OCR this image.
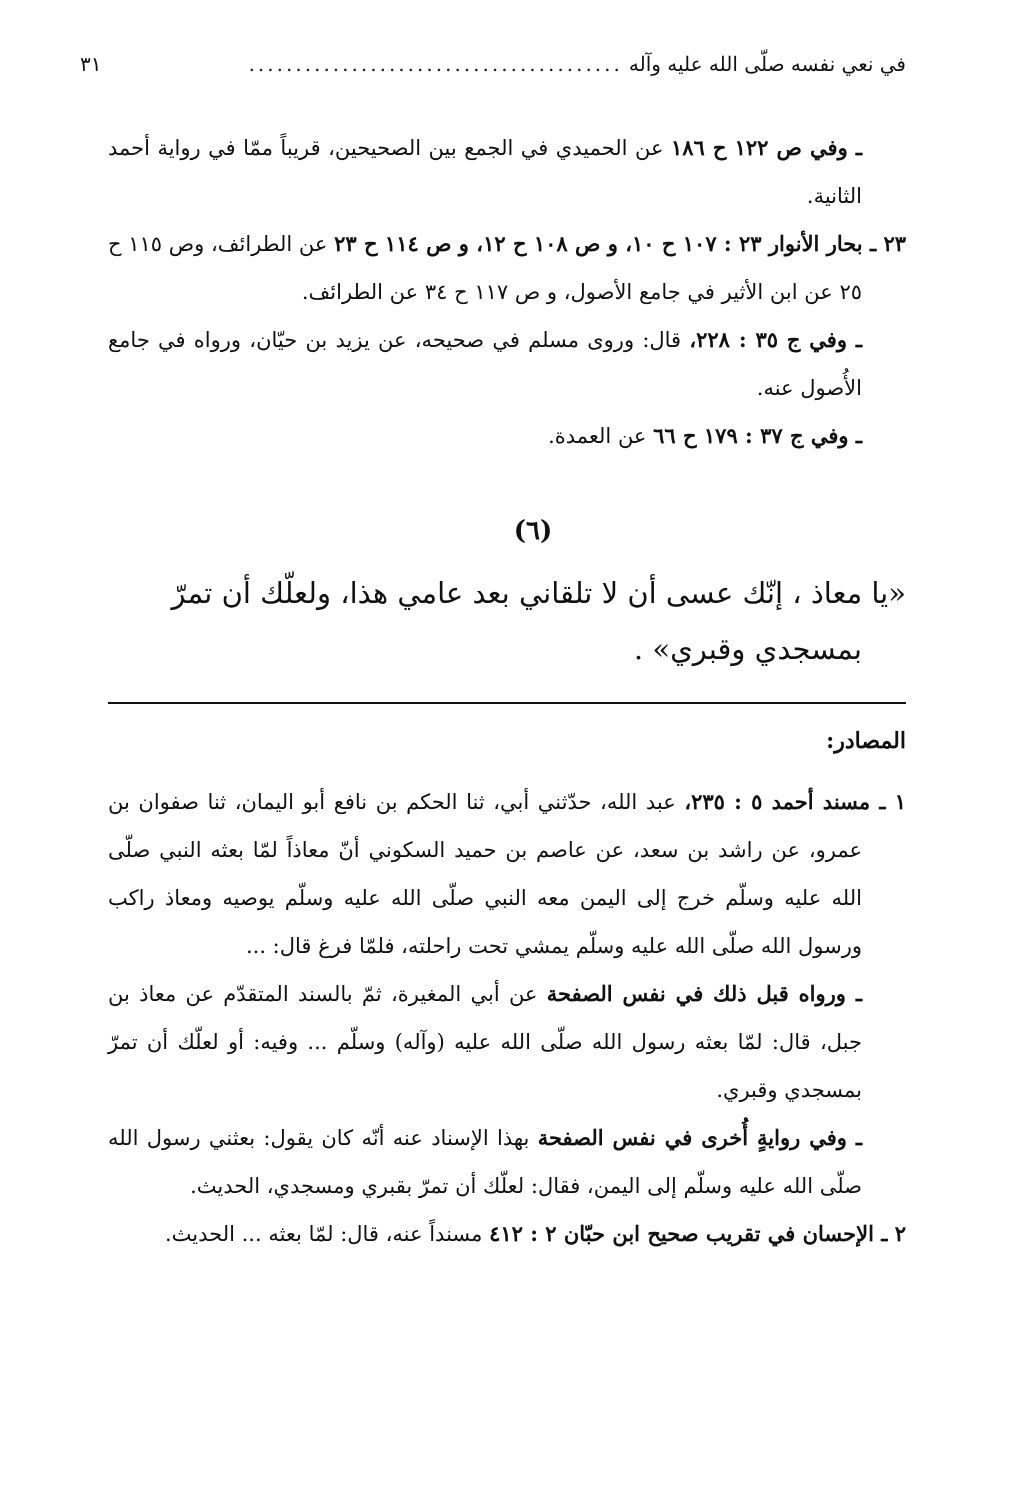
في نعي نفسه صلّى الله عليه وآله
........................................
٣١

ـ وفي ص ١٢٢ ح ١٨٦ عن الحميدي في الجمع بين الصحيحين، قريباً ممّا في رواية أحمد الثانية.

٢٣ ـ بحار الأنوار ٢٣ : ١٠٧ ح ١٠، و ص ١٠٨ ح ١٢، و ص ١١٤ ح ٢٣ عن الطرائف، وص ١١٥ ح ٢٥ عن ابن الأثير في جامع الأصول، و ص ١١٧ ح ٣٤ عن الطرائف.

ـ وفي ج ٣٥ : ٢٢٨، قال: وروى مسلم في صحيحه، عن يزيد بن حيّان، ورواه في جامع الأُصول عنه.

ـ وفي ج ٣٧ : ١٧٩ ح ٦٦ عن العمدة.

(٦)
«يا معاذ ، إنّك عسى أن لا تلقاني بعد عامي هذا، ولعلّك أن تمرّ
بمسجدي وقبري» .
المصادر:

١ ـ مسند أحمد ٥ : ٢٣٥، عبد الله، حدّثني أبي، ثنا الحكم بن نافع أبو اليمان، ثنا صفوان بن عمرو، عن راشد بن سعد، عن عاصم بن حميد السكوني أنّ معاذاً لمّا بعثه النبي صلّى الله عليه وسلّم خرج إلى اليمن معه النبي صلّى الله عليه وسلّم يوصيه ومعاذ راكب ورسول الله صلّى الله عليه وسلّم يمشي تحت راحلته، فلمّا فرغ قال: ...

ـ ورواه قبل ذلك في نفس الصفحة عن أبي المغيرة، ثمّ بالسند المتقدّم عن معاذ بن جبل، قال: لمّا بعثه رسول الله صلّى الله عليه (وآله) وسلّم ... وفيه: أو لعلّك أن تمرّ بمسجدي وقبري.

ـ وفي روايةٍ أُخرى في نفس الصفحة بهذا الإسناد عنه أنّه كان يقول: بعثني رسول الله صلّى الله عليه وسلّم إلى اليمن، فقال: لعلّك أن تمرّ بقبري ومسجدي، الحديث.

٢ ـ الإحسان في تقريب صحيح ابن حبّان ٢ : ٤١٢ مسنداً عنه، قال: لمّا بعثه ... الحديث.
